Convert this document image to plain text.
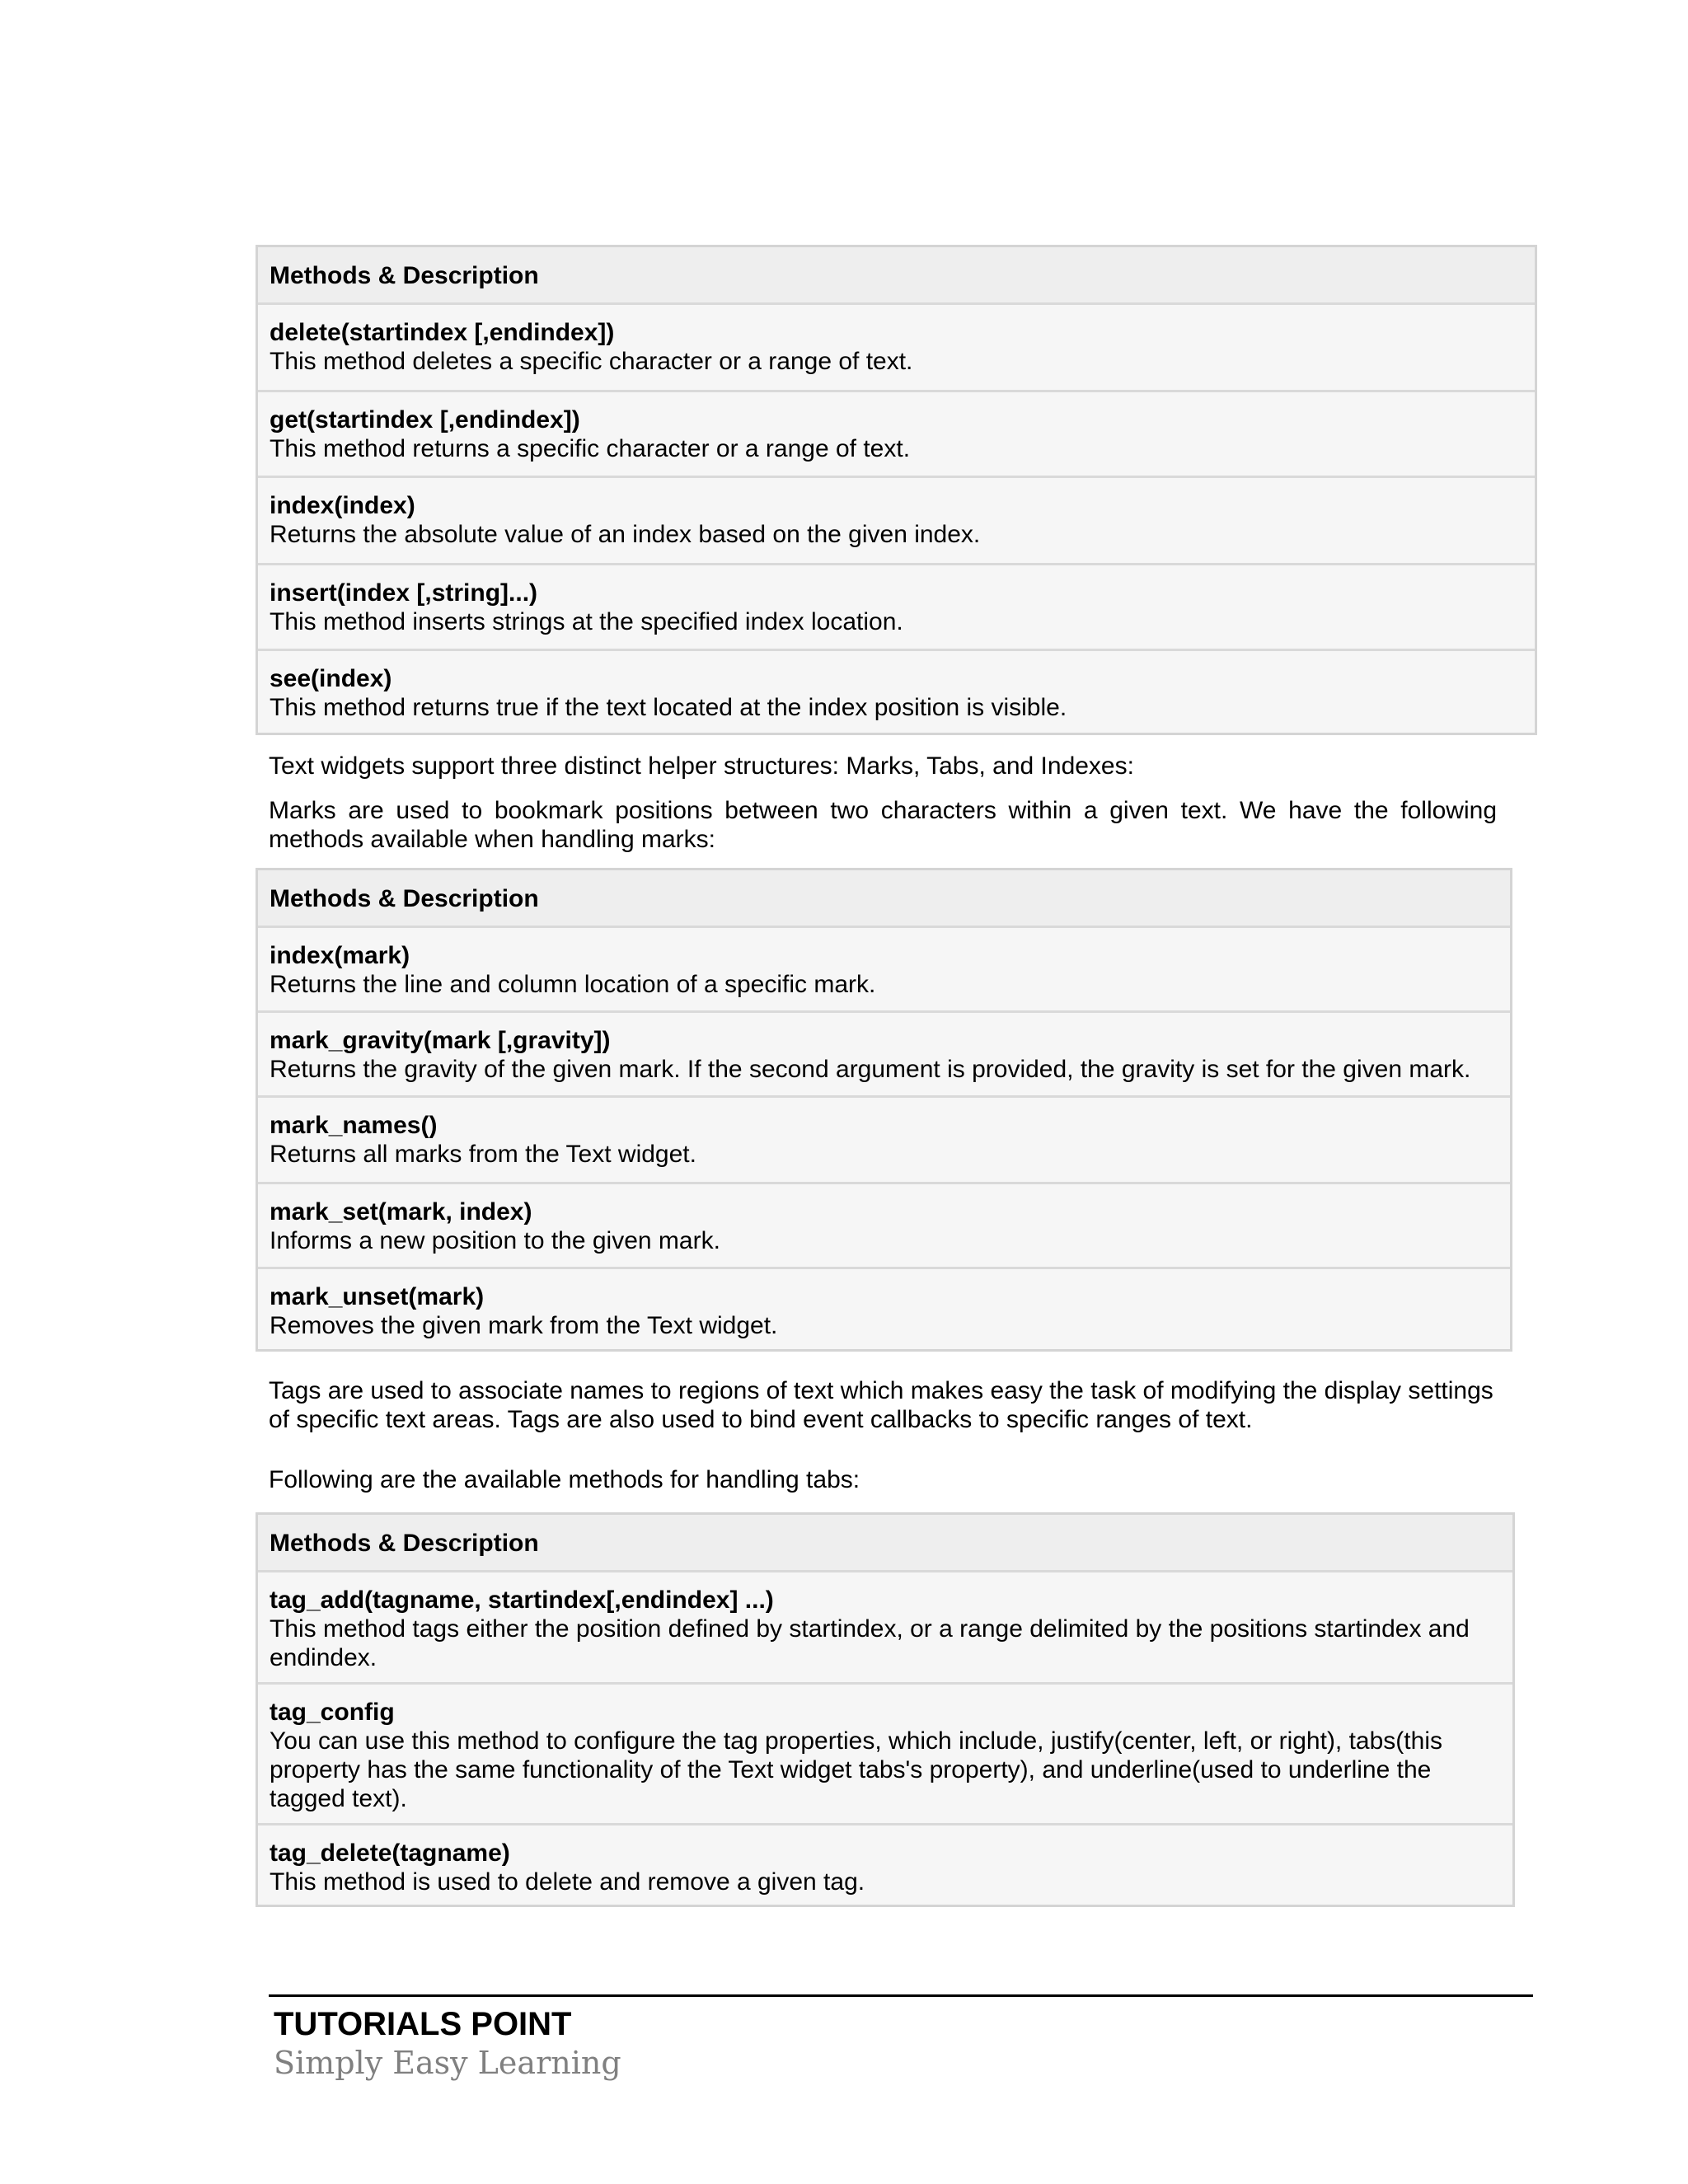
Methods & Description
delete(startindex [,endindex])
This method deletes a specific character or a range of text.
get(startindex [,endindex])
This method returns a specific character or a range of text.
index(index)
Returns the absolute value of an index based on the given index.
insert(index [,string]...)
This method inserts strings at the specified index location.
see(index)
This method returns true if the text located at the index position is visible.
Text widgets support three distinct helper structures: Marks, Tabs, and Indexes:
Marks are used to bookmark positions between two characters within a given text. We have the following methods available when handling marks:
Methods & Description
index(mark)
Returns the line and column location of a specific mark.
mark_gravity(mark [,gravity])
Returns the gravity of the given mark. If the second argument is provided, the gravity is set for the given mark.
mark_names()
Returns all marks from the Text widget.
mark_set(mark, index)
Informs a new position to the given mark.
mark_unset(mark)
Removes the given mark from the Text widget.
Tags are used to associate names to regions of text which makes easy the task of modifying the display settings of specific text areas. Tags are also used to bind event callbacks to specific ranges of text.
Following are the available methods for handling tabs:
Methods & Description
tag_add(tagname, startindex[,endindex] ...)
This method tags either the position defined by startindex, or a range delimited by the positions startindex and endindex.
tag_config
You can use this method to configure the tag properties, which include, justify(center, left, or right), tabs(this property has the same functionality of the Text widget tabs's property), and underline(used to underline the tagged text).
tag_delete(tagname)
This method is used to delete and remove a given tag.
TUTORIALS POINT
Simply Easy Learning
